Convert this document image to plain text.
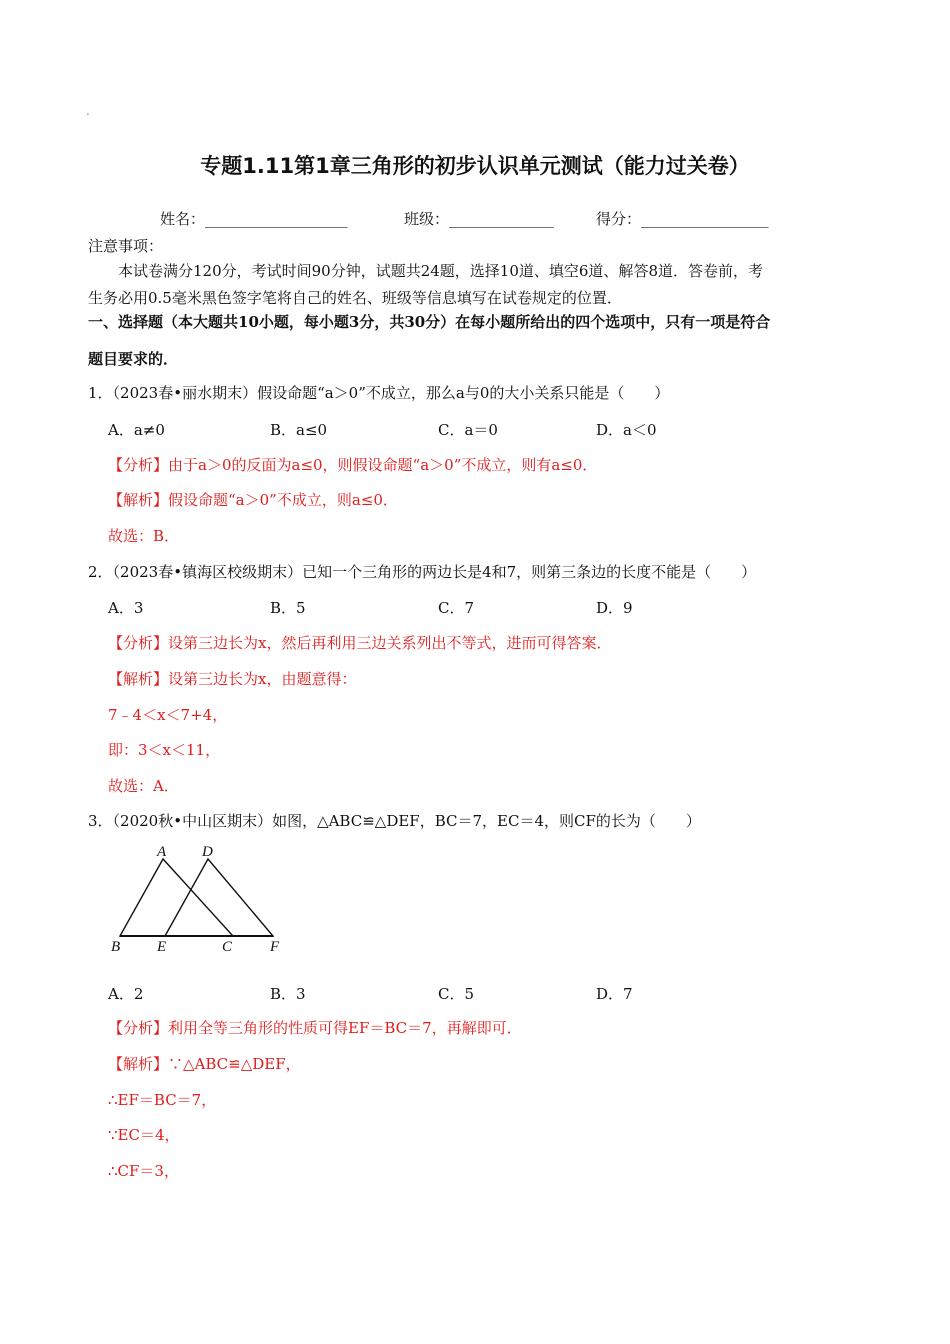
.
专题1.11第1章三角形的初步认识单元测试（能力过关卷）
姓名：___________________	班级：______________	得分：_________________
注意事项：
本试卷满分120分，考试时间90分钟，试题共24题，选择10道、填空6道、解答8道．答卷前，考
生务必用0.5毫米黑色签字笔将自己的姓名、班级等信息填写在试卷规定的位置．
一、选择题（本大题共10小题，每小题3分，共30分）在每小题所给出的四个选项中，只有一项是符合
题目要求的．
1．（2023春•丽水期末）假设命题“a＞0”不成立，那么a与0的大小关系只能是（　　）
A．a≠0	B．a≤0	C．a＝0	D．a＜0
【分析】由于a＞0的反面为a≤0，则假设命题“a＞0”不成立，则有a≤0．
【解析】假设命题“a＞0”不成立，则a≤0．
故选：B．
2．（2023春•镇海区校级期末）已知一个三角形的两边长是4和7，则第三条边的长度不能是（　　）
A．3	B．5	C．7	D．9
【分析】设第三边长为x，然后再利用三边关系列出不等式，进而可得答案．
【解析】设第三边长为x，由题意得：
7﹣4＜x＜7+4，
即：3＜x＜11，
故选：A．
3．（2020秋•中山区期末）如图，△ABC≌△DEF，BC＝7，EC＝4，则CF的长为（　　）
A D
B E	C	F
A．2	B．3	C．5	D．7
【分析】利用全等三角形的性质可得EF＝BC＝7，再解即可．
【解析】∵△ABC≌△DEF，
∴EF＝BC＝7，
∵EC＝4，
∴CF＝3，
